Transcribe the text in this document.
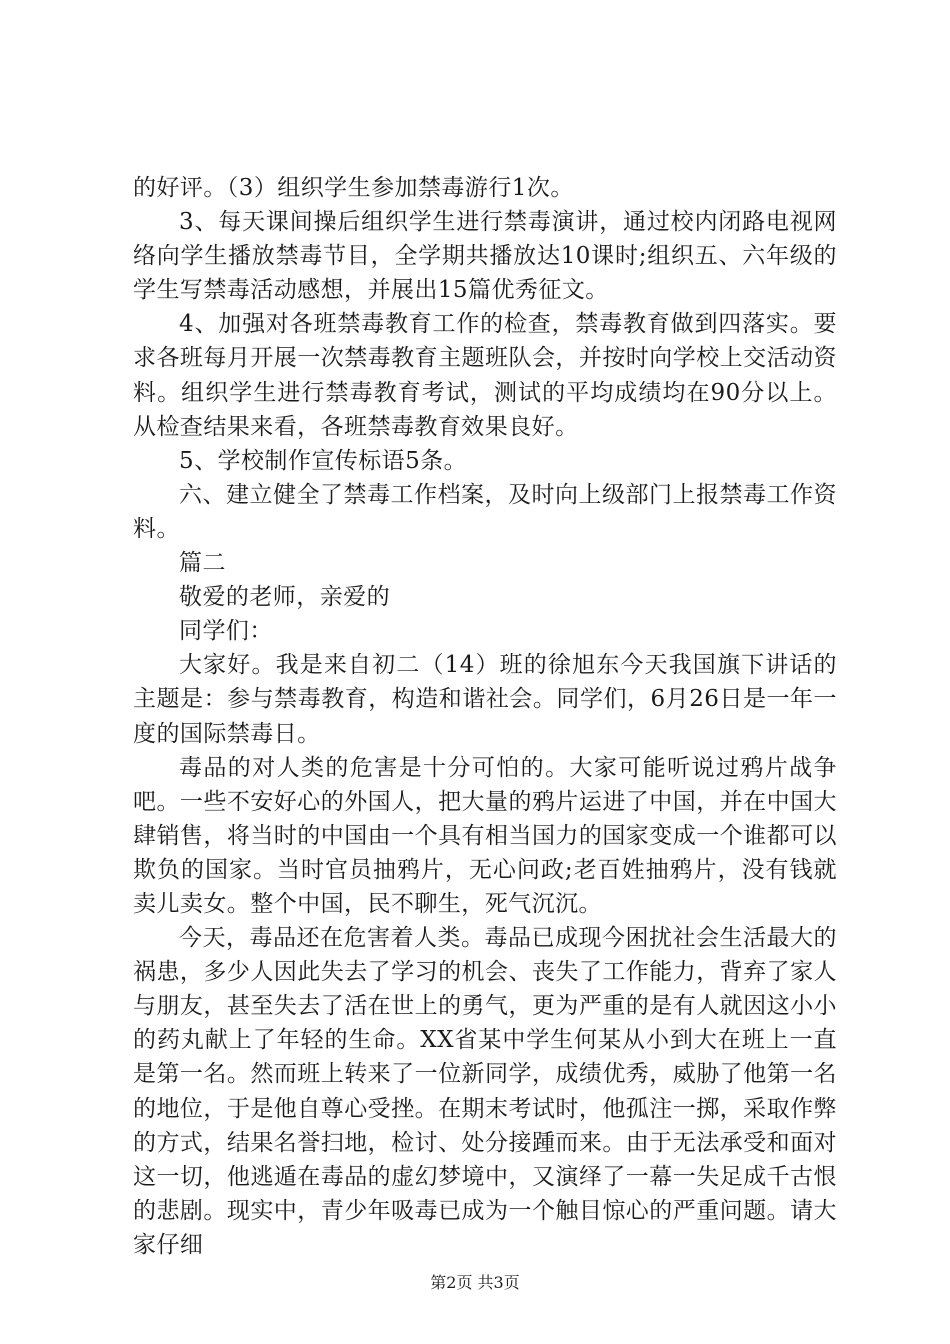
的好评。（3）组织学生参加禁毒游行1次。

3、每天课间操后组织学生进行禁毒演讲，通过校内闭路电视网络向学生播放禁毒节目，全学期共播放达10课时;组织五、六年级的学生写禁毒活动感想，并展出15篇优秀征文。

4、加强对各班禁毒教育工作的检查，禁毒教育做到四落实。要求各班每月开展一次禁毒教育主题班队会，并按时向学校上交活动资料。组织学生进行禁毒教育考试，测试的平均成绩均在90分以上。从检查结果来看，各班禁毒教育效果良好。

5、学校制作宣传标语5条。

六、建立健全了禁毒工作档案，及时向上级部门上报禁毒工作资料。

篇二

敬爱的老师，亲爱的

同学们：

大家好。我是来自初二（14）班的徐旭东今天我国旗下讲话的主题是：参与禁毒教育，构造和谐社会。同学们，6月26日是一年一度的国际禁毒日。

毒品的对人类的危害是十分可怕的。大家可能听说过鸦片战争吧。一些不安好心的外国人，把大量的鸦片运进了中国，并在中国大肆销售，将当时的中国由一个具有相当国力的国家变成一个谁都可以欺负的国家。当时官员抽鸦片，无心问政;老百姓抽鸦片，没有钱就卖儿卖女。整个中国，民不聊生，死气沉沉。

今天，毒品还在危害着人类。毒品已成现今困扰社会生活最大的祸患，多少人因此失去了学习的机会、丧失了工作能力，背弃了家人与朋友，甚至失去了活在世上的勇气，更为严重的是有人就因这小小的药丸献上了年轻的生命。XX省某中学生何某从小到大在班上一直是第一名。然而班上转来了一位新同学，成绩优秀，威胁了他第一名的地位，于是他自尊心受挫。在期末考试时，他孤注一掷，采取作弊的方式，结果名誉扫地，检讨、处分接踵而来。由于无法承受和面对这一切，他逃遁在毒品的虚幻梦境中，又演绎了一幕一失足成千古恨的悲剧。现实中，青少年吸毒已成为一个触目惊心的严重问题。请大家仔细

第2页 共3页
